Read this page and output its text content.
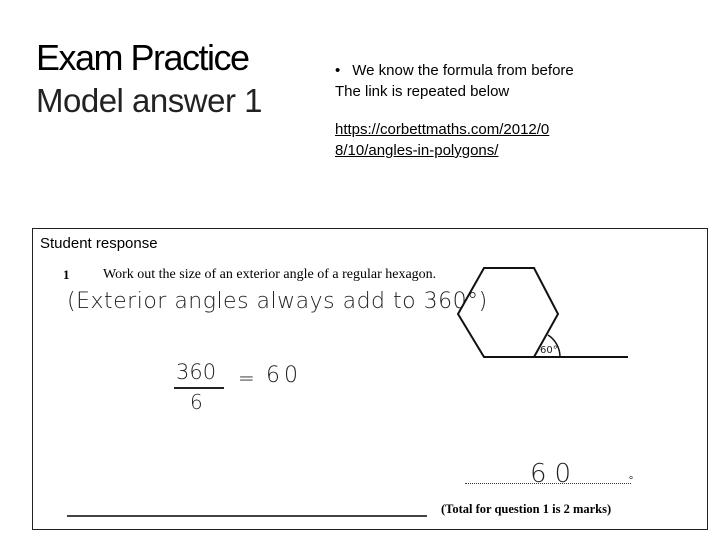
Exam Practice
Model answer 1
• We know the formula from before
The link is repeated below
https://corbettmaths.com/2012/08/10/angles-in-polygons/
Student response
1 Work out the size of an exterior angle of a regular hexagon.
(Exterior angles always add to 360°)
360
6
= 60
60°
60	°
(Total for question 1 is 2 marks)
